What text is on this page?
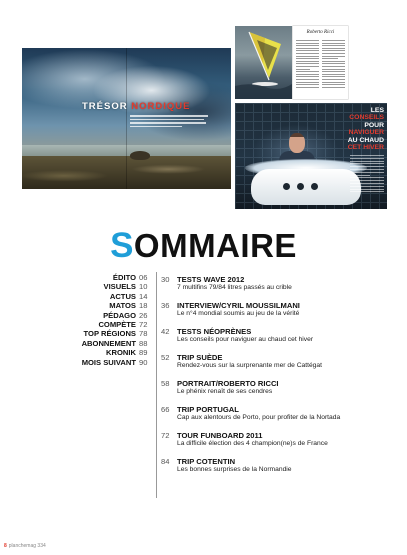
TRÉSOR NORDIQUE
Roberto Ricci
LES
CONSEILS
POUR
NAVIGUER
AU CHAUD
CET HIVER
SOMMAIRE
ÉDITO 06
VISUELS 10
ACTUS 14
MATOS 18
PÉDAGO 26
COMPÈTE 72
TOP RÉGIONS 78
ABONNEMENT 88
KRONIK 89
MOIS SUIVANT 90
30 TESTS WAVE 2012
7 multifins 79/84 litres passés au crible
36 INTERVIEW/CYRIL MOUSSILMANI
Le n°4 mondial soumis au jeu de la vérité
42 TESTS NÉOPRÈNES
Les conseils pour naviguer au chaud cet hiver
52 TRIP SUÈDE
Rendez-vous sur la surprenante mer de Cattégat
58 PORTRAIT/ROBERTO RICCI
Le phénix renaît de ses cendres
66 TRIP PORTUGAL
Cap aux alentours de Porto, pour profiter de la Nortada
72 TOUR FUNBOARD 2011
La difficile élection des 4 champion(ne)s de France
84 TRIP COTENTIN
Les bonnes surprises de la Normandie
8 planchemag 334
